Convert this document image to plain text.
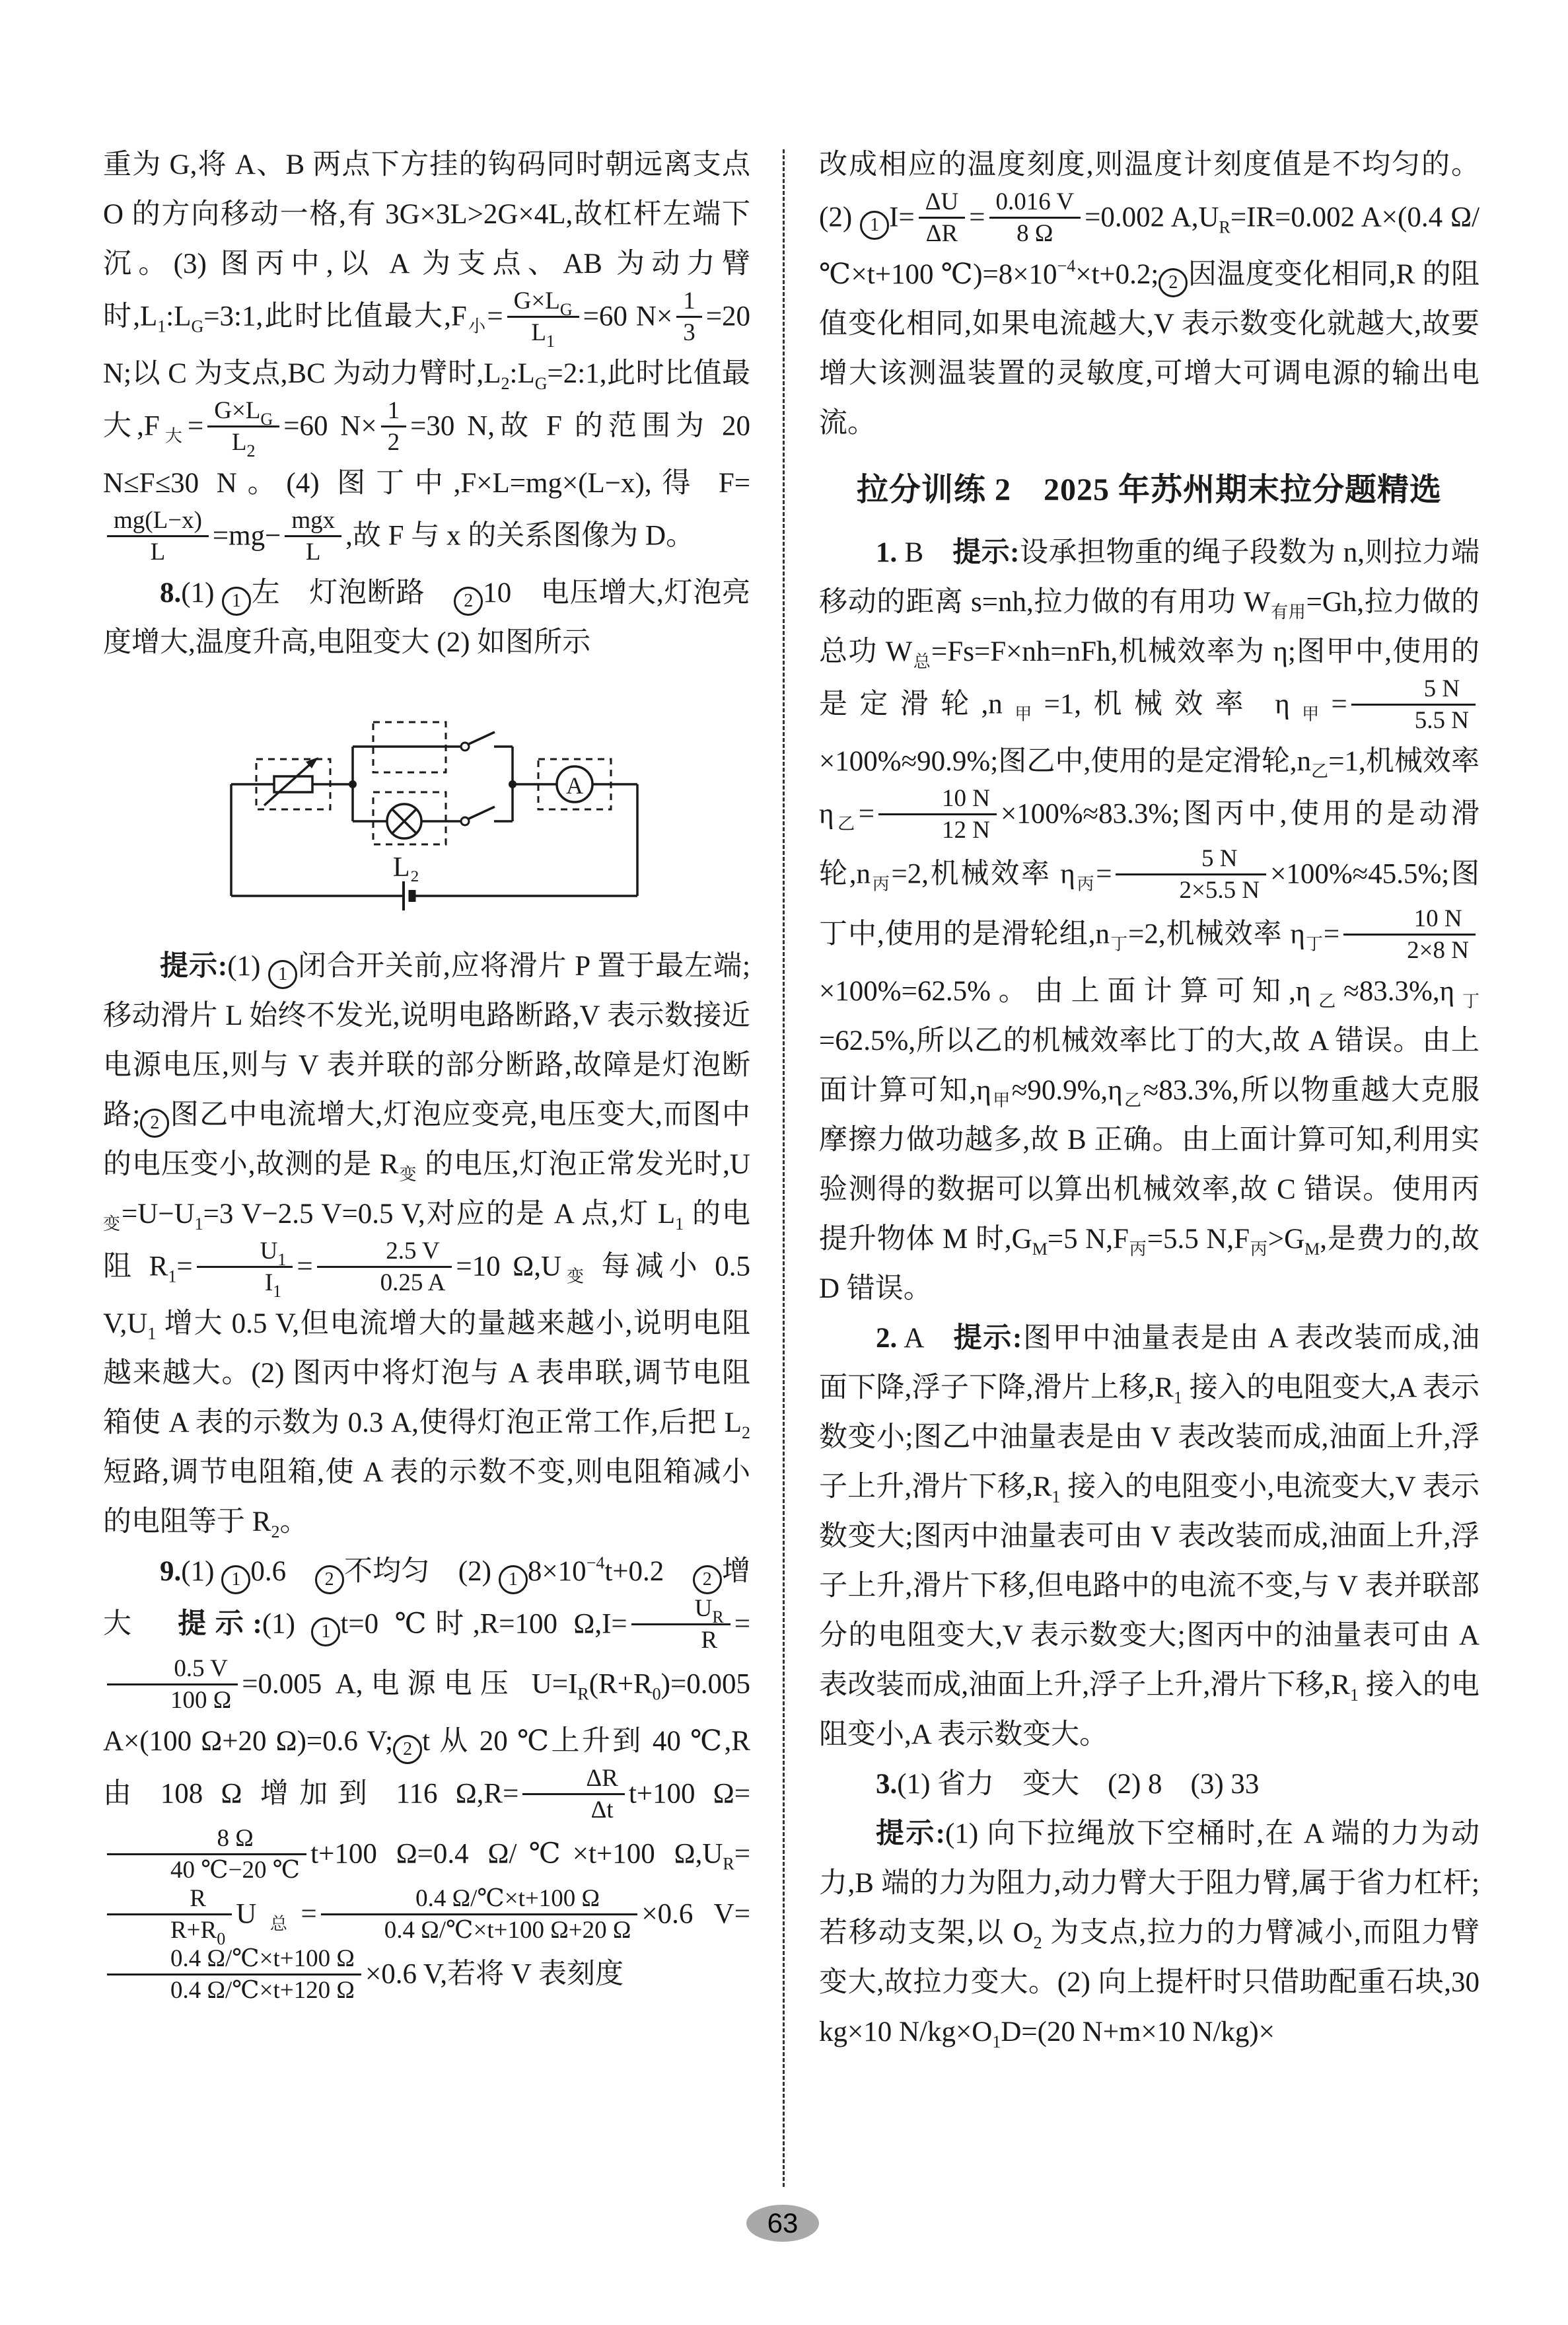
重为 G,将 A、B 两点下方挂的钩码同时朝远离支点 O 的方向移动一格,有 3G×3L>2G×4L,故杠杆左端下沉。(3) 图丙中,以 A 为支点、AB 为动力臂时$,L_1:L_G=3:1$,此时比值最大$,F_小= \frac{G\times L_G}{L_1} =60$ $N\times \frac{1}{3} =20$ N;以 C 为支点,BC 为动力臂时$,L_2:L_G=2:1$,此时比值最大$,F_大= \frac{G\times L_G}{L_2} =60$ $N\times \frac{1}{2} =30$ N,故 F 的范围为 20 N≤F≤30 N。(4) 图丁中,F×L=mg×(L−x),得 F=
$\frac{mg(L-x)}{L} =mg- \frac{\text{mgx}}{L}$ ,故 F 与 x 的关系图像为 D。

8.(1) 1 左　灯泡断路　2 10　电压增大,灯泡亮度增大,温度升高,电阻变大 (2) 如图所示

A
L₂

提示:(1) 1 闭合开关前,应将滑片 P 置于最左端;移动滑片 L 始终不发光,说明电路断路,V 表示数接近电源电压,则与 V 表并联的部分断路,故障是灯泡断路; 2 图乙中电流增大,灯泡应变亮,电压变大,而图中的电压变小,故测的是 $R_变$ 的电压,灯泡正常发光时$,U_变=U-U_1=3$ V−2.5 V=0.5 V,对应的是 A 点,灯 $L_1$ 的电阻 $R_1= \frac{U_1}{I_1} = \frac{2.5 V}{0.25 A} =10$ $\Omega,U_变$ 每减小 0.5 $V,U_1$ 增大 0.5 V,但电流增大的量越来越小,说明电阻越来越大。(2) 图丙中将灯泡与 A 表串联,调节电阻箱使 A 表的示数为 0.3 A,使得灯泡正常工作,后把 $L_2$ 短路,调节电阻箱,使 A 表的示数不变,则电阻箱减小的电阻等于 $R_2$。

9.(1) 1 0.6　2 不均匀　(2) 1 $8\times 10^{-4}t+0.2$　2 增大　提示:(1) 1 t=0 ℃时,R=100 $\Omega,I= \frac{U_R}{R}$ =
$\frac{0.5 V}{100 \Omega} =0.005$ A,电源电压 $U=I_R(R+R_0)=0.005$ A×(100 Ω+20 Ω)=0.6 V; 2 t 从 20 ℃上升到 40 ℃,R 由 108 Ω 增加到 116 $\Omega,R= \frac{\Delta R}{\Delta t} t+100$ Ω=
$\frac{8 \Omega}{40 ℃-20 ℃} t+100$ Ω=0.4 Ω/℃×t+100 $\Omega,U_R=$
$\frac{R}{R+R_0} U_总= \frac{0.4 \Omega/℃\times t+100 \Omega}{0.4 \Omega/℃\times t+100 \Omega+20 \Omega} \times 0.6$ V=
$\frac{0.4 \Omega/℃\times t+100 \Omega}{0.4 \Omega/℃\times t+120 \Omega} \times 0.6$ V,若将 V 表刻度

改成相应的温度刻度,则温度计刻度值是不均匀的。(2) 1 $I= \frac{\Delta U}{\Delta R} = \frac{0.016 V}{8 \Omega} =0.002$ $A,U_R=IR=0.002$ A×(0.4 Ω/℃×t+100 $℃)=8\times 10^{-4}\times t+0.2$; 2 因温度变化相同,R 的阻值变化相同,如果电流越大,V 表示数变化就越大,故要增大该测温装置的灵敏度,可增大可调电源的输出电流。

拉分训练 2　2025 年苏州期末拉分题精选

1. B　提示:设承担物重的绳子段数为 n,则拉力端移动的距离 s=nh,拉力做的有用功 $W_{有用}=Gh$,拉力做的总功 $W_总=Fs=F\times nh=nFh$,机械效率为 η;图甲中,使用的是定滑轮$,n_甲=1$,机械效率 $\eta_甲= \frac{5 N}{5.5 N}$
×100%≈90.9%;图乙中,使用的是定滑轮$,n_乙=1$,机械效率 $\eta_乙= \frac{10 N}{12 N} \times 100\%\approx 83.3\%$;图丙中,使用的是动滑轮$,n_丙=2$,机械效率 $\eta_丙= \frac{5 N}{2\times 5.5 N} \times 100\%\approx 45.5\%$;图丁中,使用的是滑轮组$,n_丁=2$,机械效率 $\eta_丁= \frac{10 N}{2\times 8 N}$
×100%=62.5%。由上面计算可知$,\eta_乙\approx 83.3\%,\eta_丁=62.5\%$,所以乙的机械效率比丁的大,故 A 错误。由上面计算可知$,\eta_甲\approx 90.9\%,\eta_乙\approx 83.3\%$,所以物重越大克服摩擦力做功越多,故 B 正确。由上面计算可知,利用实验测得的数据可以算出机械效率,故 C 错误。使用丙提升物体 M 时$,G_M=5$ $N,F_丙=5.5$ $N,F_丙>G_M$,是费力的,故 D 错误。

2. A　提示:图甲中油量表是由 A 表改装而成,油面下降,浮子下降,滑片上移$,R_1$ 接入的电阻变大,A 表示数变小;图乙中油量表是由 V 表改装而成,油面上升,浮子上升,滑片下移$,R_1$ 接入的电阻变小,电流变大,V 表示数变大;图丙中油量表可由 V 表改装而成,油面上升,浮子上升,滑片下移,但电路中的电流不变,与 V 表并联部分的电阻变大,V 表示数变大;图丙中的油量表可由 A 表改装而成,油面上升,浮子上升,滑片下移$,R_1$ 接入的电阻变小,A 表示数变大。

3.(1) 省力　变大　(2) 8　(3) 33

提示:(1) 向下拉绳放下空桶时,在 A 端的力为动力,B 端的力为阻力,动力臂大于阻力臂,属于省力杠杆;若移动支架,以 $O_2$ 为支点,拉力的力臂减小,而阻力臂变大,故拉力变大。(2) 向上提杆时只借助配重石块,30 kg×10 $N/kg\times O_1D=(20$ N+m×10 N/kg)×

63
